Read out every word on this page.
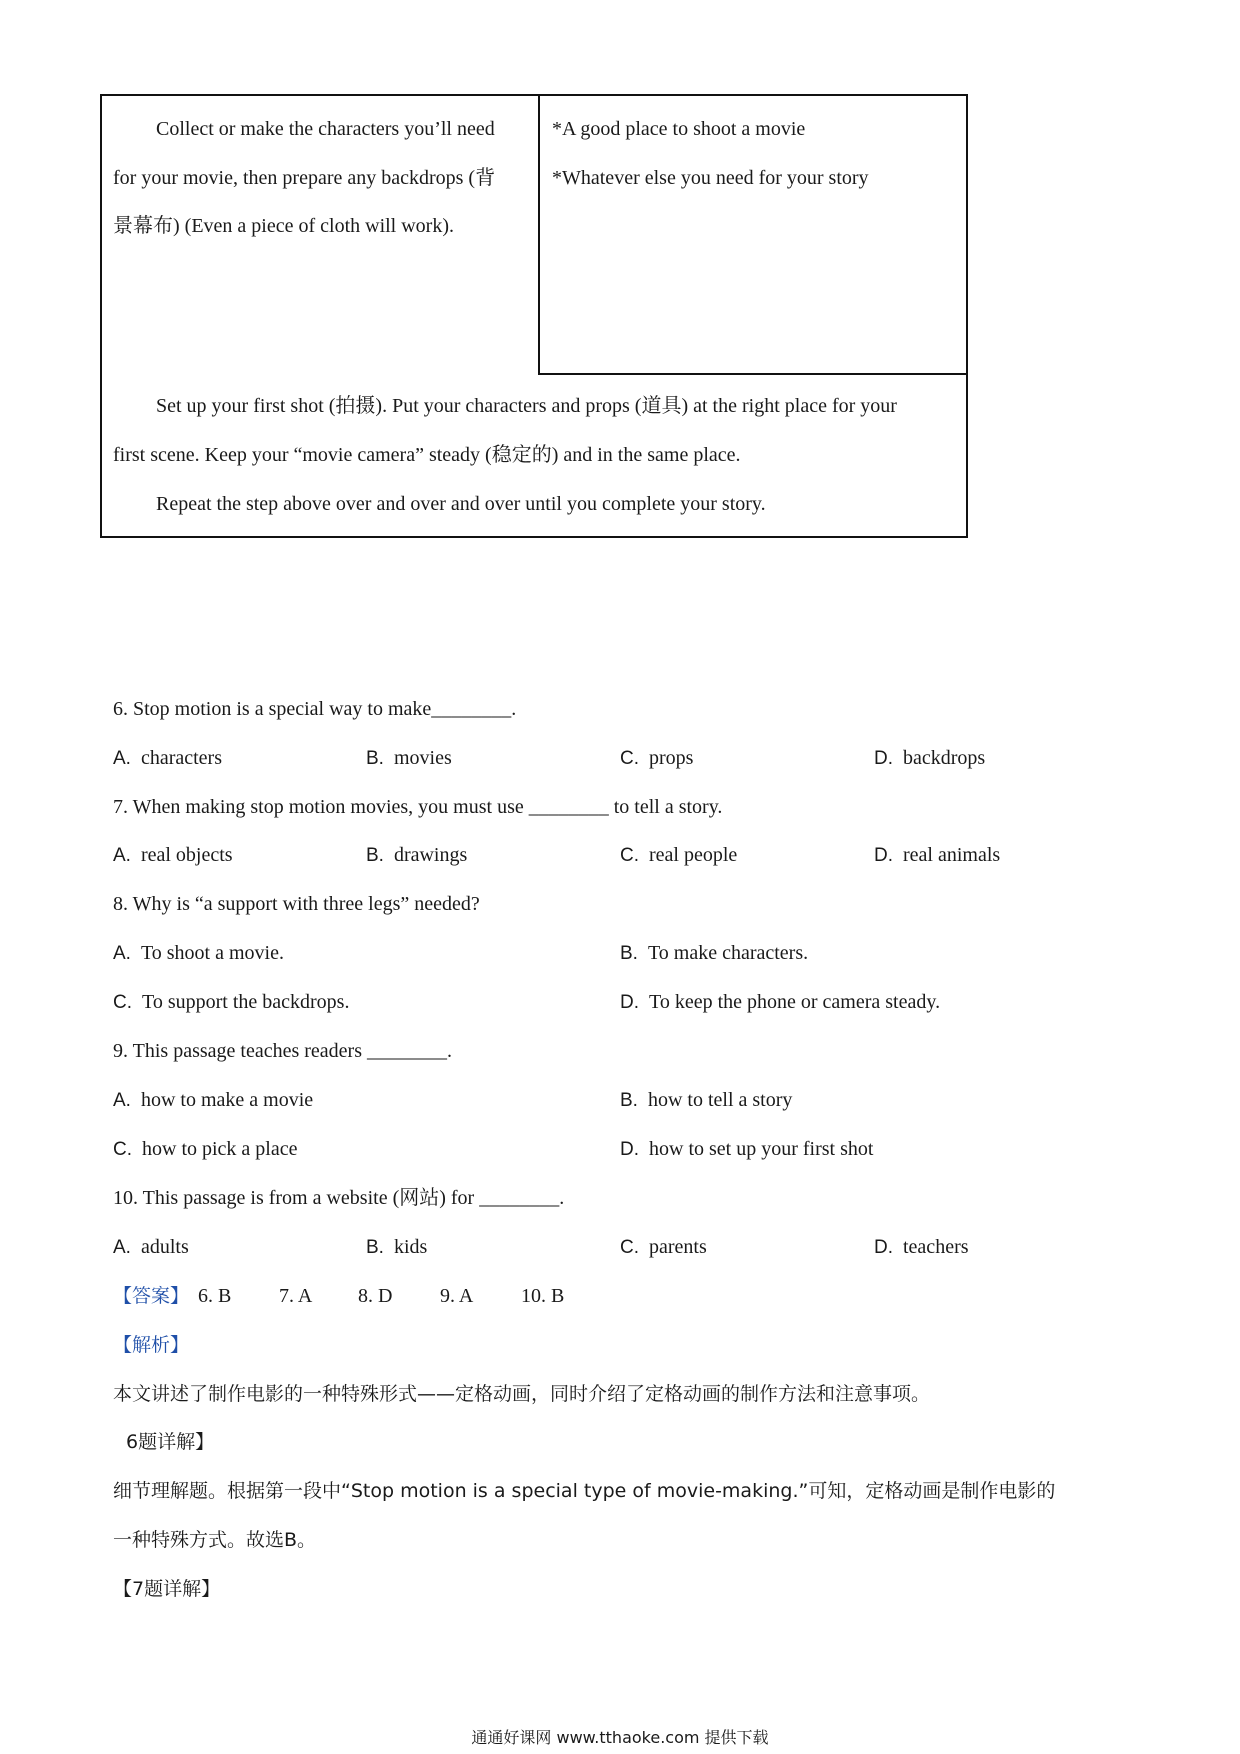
Collect or make the characters you’ll need
for your movie, then prepare any backdrops (背
景幕布) (Even a piece of cloth will work).
*A good place to shoot a movie
*Whatever else you need for your story
Set up your first shot (拍摄). Put your characters and props (道具) at the right place for your
first scene. Keep your “movie camera” steady (稳定的) and in the same place.
Repeat the step above over and over and over until you complete your story.
6. Stop motion is a special way to make________.
A. characters	B. movies	C. props	D. backdrops
7. When making stop motion movies, you must use ________ to tell a story.
A. real objects	B. drawings	C. real people	D. real animals
8. Why is “a support with three legs” needed?
A. To shoot a movie.	B. To make characters.
C. To support the backdrops.	D. To keep the phone or camera steady.
9. This passage teaches readers ________.
A. how to make a movie	B. how to tell a story
C. how to pick a place	D. how to set up your first shot
10. This passage is from a website (网站) for ________.
A. adults	B. kids	C. parents	D. teachers
【答案】 6. B 7. A 8. D 9. A 10. B
【解析】
本文讲述了制作电影的一种特殊形式——定格动画，同时介绍了定格动画的制作方法和注意事项。
6题详解】
细节理解题。根据第一段中“Stop motion is a special type of movie-making.”可知，定格动画是制作电影的
一种特殊方式。故选B。
【7题详解】
通通好课网 www.tthaoke.com 提供下载
